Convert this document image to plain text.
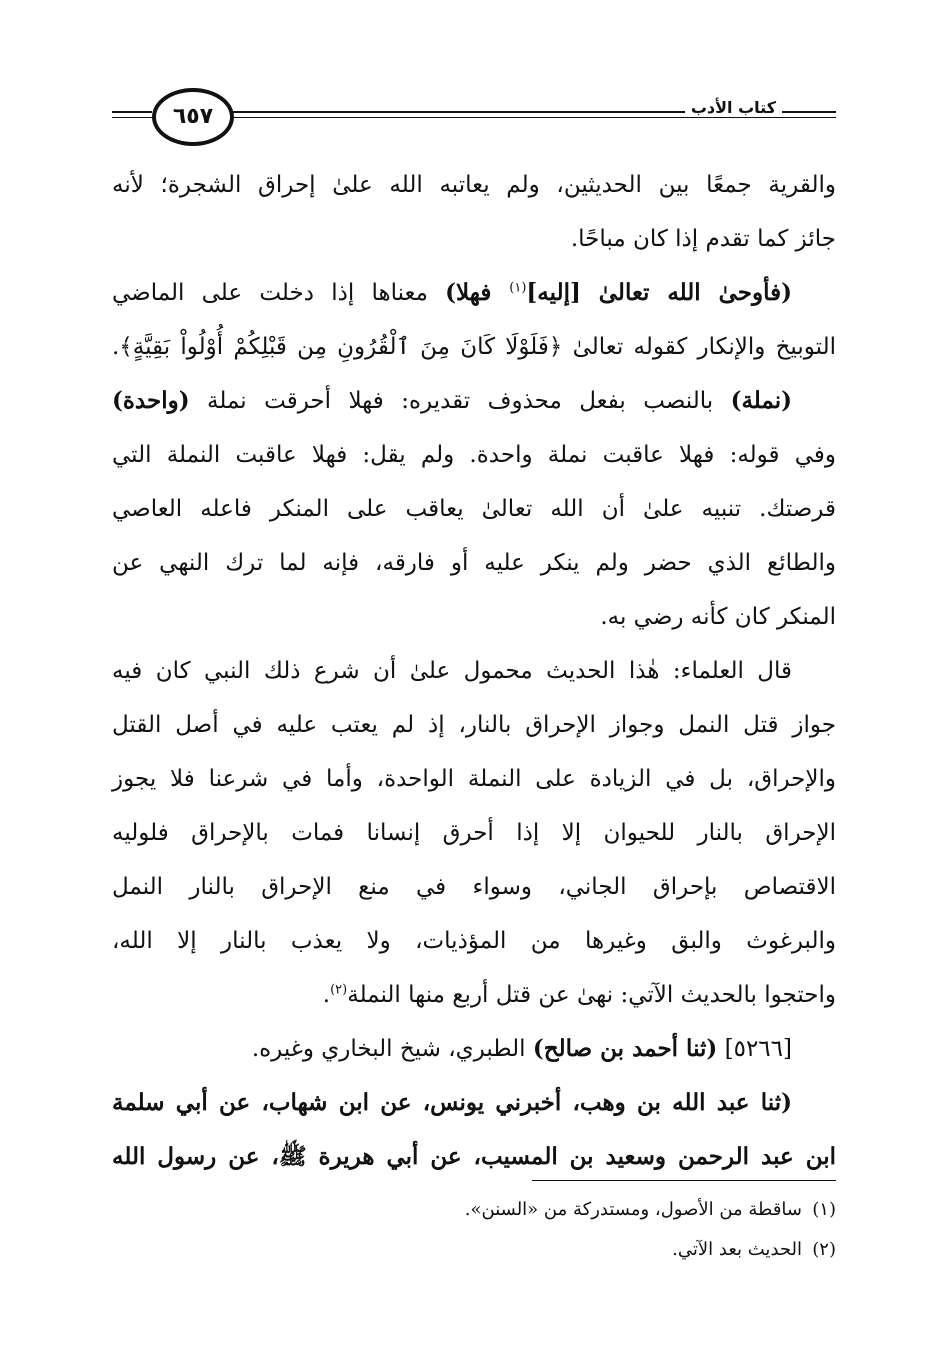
كتاب الأدب
٦٥٧
والقرية جمعًا بين الحديثين، ولم يعاتبه الله علىٰ إحراق الشجرة؛ لأنه
جائز كما تقدم إذا كان مباحًا.
(فأوحىٰ الله تعالىٰ [إليه]$^{(١)}$ فهلا) معناها إذا دخلت على الماضي
التوبيخ والإنكار كقوله تعالىٰ ﴿فَلَوْلَا كَانَ مِنَ ٱلْقُرُونِ مِن قَبْلِكُمْ أُوْلُواْ بَقِيَّةٍ﴾.
(نملة) بالنصب بفعل محذوف تقديره: فهلا أحرقت نملة (واحدة)
وفي قوله: فهلا عاقبت نملة واحدة. ولم يقل: فهلا عاقبت النملة التي
قرصتك. تنبيه علىٰ أن الله تعالىٰ يعاقب على المنكر فاعله العاصي
والطائع الذي حضر ولم ينكر عليه أو فارقه، فإنه لما ترك النهي عن
المنكر كان كأنه رضي به.
قال العلماء: هٰذا الحديث محمول علىٰ أن شرع ذلك النبي كان فيه
جواز قتل النمل وجواز الإحراق بالنار، إذ لم يعتب عليه في أصل القتل
والإحراق، بل في الزيادة على النملة الواحدة، وأما في شرعنا فلا يجوز
الإحراق بالنار للحيوان إلا إذا أحرق إنسانا فمات بالإحراق فلوليه
الاقتصاص بإحراق الجاني، وسواء في منع الإحراق بالنار النمل
والبرغوث والبق وغيرها من المؤذيات، ولا يعذب بالنار إلا الله،
واحتجوا بالحديث الآتي: نهىٰ عن قتل أربع منها النملة$^{(٢)}$.
[٥٢٦٦] (ثنا أحمد بن صالح) الطبري، شيخ البخاري وغيره.
(ثنا عبد الله بن وهب، أخبرني يونس، عن ابن شهاب، عن أبي سلمة
ابن عبد الرحمن وسعيد بن المسيب، عن أبي هريرة ﷺ، عن رسول الله
(١)ساقطة من الأصول، ومستدركة من «السنن».
(٢)الحديث بعد الآتي.
